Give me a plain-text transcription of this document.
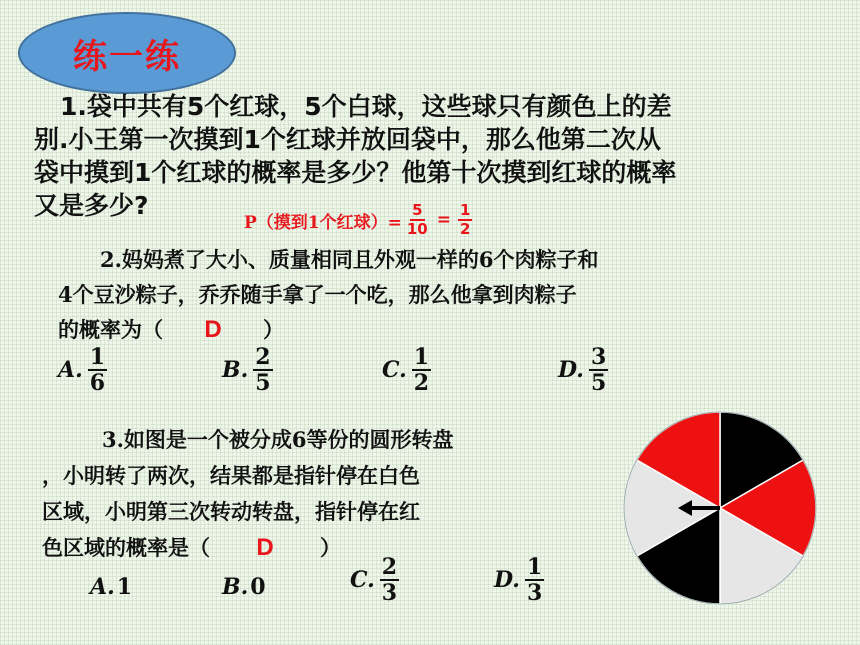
练一练
1.袋中共有5个红球，5个白球，这些球只有颜色上的差
别.小王第一次摸到1个红球并放回袋中，那么他第二次从
袋中摸到1个红球的概率是多少？他第十次摸到红球的概率
又是多少?
P（摸到1个红球）= $\frac{5}{10} = \frac{1}{2}$
2.妈妈煮了大小、质量相同且外观一样的6个肉粽子和
4个豆沙粽子，乔乔随手拿了一个吃，那么他拿到肉粽子
的概率为（ D ）
A. $\frac{1}{6}$	B. $\frac{2}{5}$	C. $\frac{1}{2}$	D. $\frac{3}{5}$
3.如图是一个被分成6等份的圆形转盘
，小明转了两次，结果都是指针停在白色
区域，小明第三次转动转盘，指针停在红
色区域的概率是（ D ）
A. 1	B. 0	C. $\frac{2}{3}$	D. $\frac{1}{3}$
